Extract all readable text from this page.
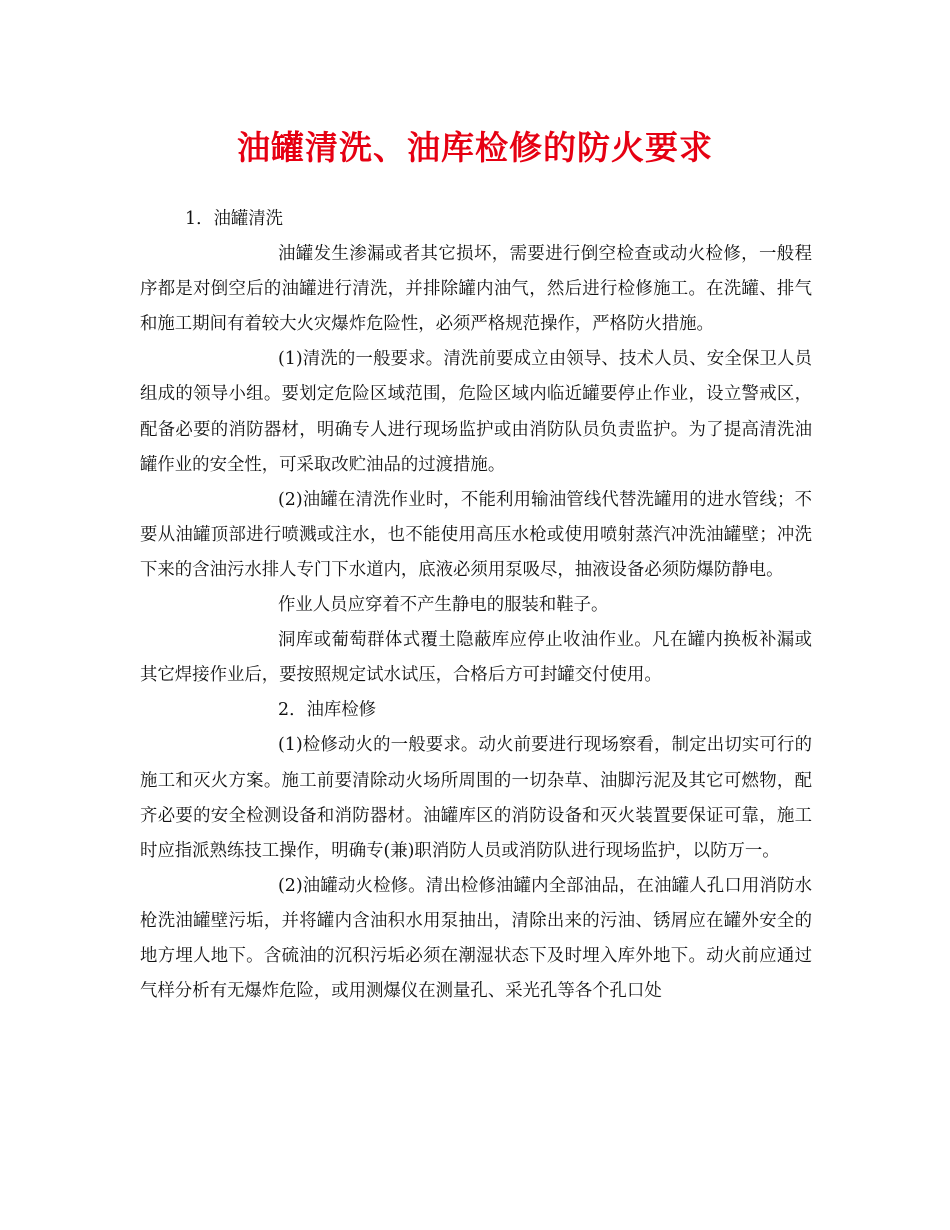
油罐清洗、油库检修的防火要求

1．油罐清洗

油罐发生渗漏或者其它损坏，需要进行倒空检查或动火检修，一般程序都是对倒空后的油罐进行清洗，并排除罐内油气，然后进行检修施工。在洗罐、排气和施工期间有着较大火灾爆炸危险性，必须严格规范操作，严格防火措施。

(1)清洗的一般要求。清洗前要成立由领导、技术人员、安全保卫人员组成的领导小组。要划定危险区域范围，危险区域内临近罐要停止作业，设立警戒区，配备必要的消防器材，明确专人进行现场监护或由消防队员负责监护。为了提高清洗油罐作业的安全性，可采取改贮油品的过渡措施。

(2)油罐在清洗作业时，不能利用输油管线代替洗罐用的进水管线；不要从油罐顶部进行喷溅或注水，也不能使用高压水枪或使用喷射蒸汽冲洗油罐壁；冲洗下来的含油污水排人专门下水道内，底液必须用泵吸尽，抽液设备必须防爆防静电。

作业人员应穿着不产生静电的服装和鞋子。

洞库或葡萄群体式覆土隐蔽库应停止收油作业。凡在罐内换板补漏或其它焊接作业后，要按照规定试水试压，合格后方可封罐交付使用。

2．油库检修

(1)检修动火的一般要求。动火前要进行现场察看，制定出切实可行的施工和灭火方案。施工前要清除动火场所周围的一切杂草、油脚污泥及其它可燃物，配齐必要的安全检测设备和消防器材。油罐库区的消防设备和灭火装置要保证可靠，施工时应指派熟练技工操作，明确专(兼)职消防人员或消防队进行现场监护，以防万一。

(2)油罐动火检修。清出检修油罐内全部油品，在油罐人孔口用消防水枪洗油罐壁污垢，并将罐内含油积水用泵抽出，清除出来的污油、锈屑应在罐外安全的地方埋人地下。含硫油的沉积污垢必须在潮湿状态下及时埋入库外地下。动火前应通过气样分析有无爆炸危险，或用测爆仪在测量孔、采光孔等各个孔口处
